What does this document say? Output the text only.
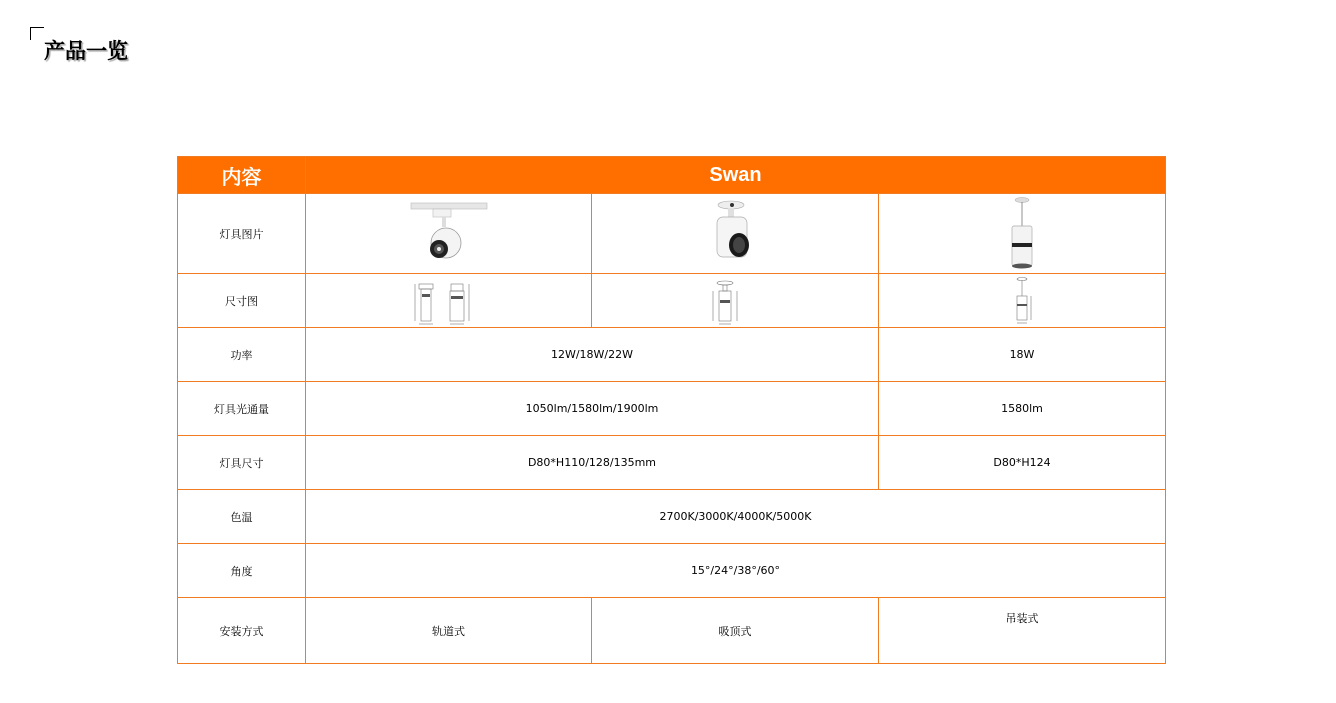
产品一览
内容	Swan		
灯具图片	

尺寸图	

功率	12W/18W/22W		18W
灯具光通量	1050lm/1580lm/1900lm		1580lm
灯具尺寸	D80*H110/128/135mm		D80*H124
色温	2700K/3000K/4000K/5000K		
角度	15°/24°/38°/60°		
安装方式	轨道式	吸顶式	吊装式
